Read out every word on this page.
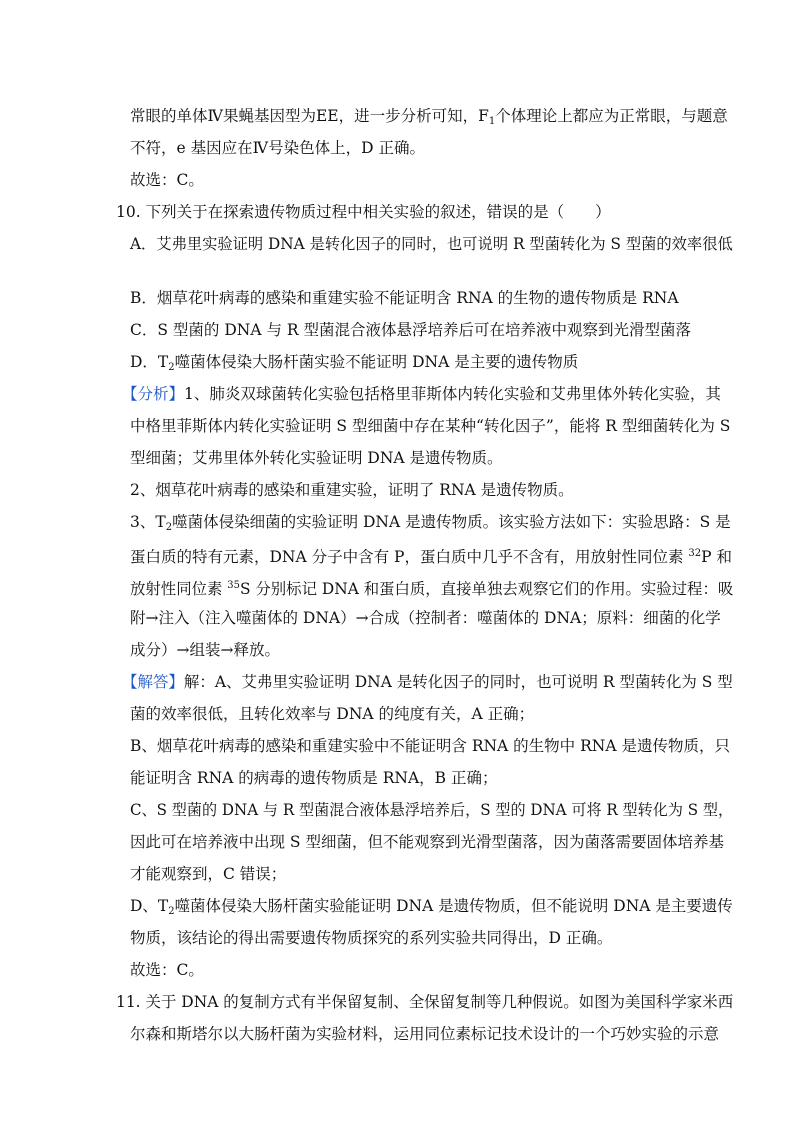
常眼的单体Ⅳ果蝇基因型为EE，进一步分析可知，$F_1$个体理论上都应为正常眼，与题意
不符，e 基因应在Ⅳ号染色体上，D 正确。
故选：C。
10. 下列关于在探索遗传物质过程中相关实验的叙述，错误的是（　　）
A．艾弗里实验证明 DNA 是转化因子的同时，也可说明 R 型菌转化为 S 型菌的效率很低
B．烟草花叶病毒的感染和重建实验不能证明含 RNA 的生物的遗传物质是 RNA
C．S 型菌的 DNA 与 R 型菌混合液体悬浮培养后可在培养液中观察到光滑型菌落
D．$T_2$噬菌体侵染大肠杆菌实验不能证明 DNA 是主要的遗传物质
【分析】1、肺炎双球菌转化实验包括格里菲斯体内转化实验和艾弗里体外转化实验，其
中格里菲斯体内转化实验证明 S 型细菌中存在某种“转化因子”，能将 R 型细菌转化为 S
型细菌；艾弗里体外转化实验证明 DNA 是遗传物质。
2、烟草花叶病毒的感染和重建实验，证明了 RNA 是遗传物质。
3、$T_2$噬菌体侵染细菌的实验证明 DNA 是遗传物质。该实验方法如下：实验思路：S 是
蛋白质的特有元素，DNA 分子中含有 P，蛋白质中几乎不含有，用放射性同位素 $^{32}$P 和
放射性同位素 $^{35}$S 分别标记 DNA 和蛋白质，直接单独去观察它们的作用。实验过程：吸
附→注入（注入噬菌体的 DNA）→合成（控制者：噬菌体的 DNA；原料：细菌的化学
成分）→组装→释放。
【解答】解：A、艾弗里实验证明 DNA 是转化因子的同时，也可说明 R 型菌转化为 S 型
菌的效率很低，且转化效率与 DNA 的纯度有关，A 正确；
B、烟草花叶病毒的感染和重建实验中不能证明含 RNA 的生物中 RNA 是遗传物质，只
能证明含 RNA 的病毒的遗传物质是 RNA，B 正确；
C、S 型菌的 DNA 与 R 型菌混合液体悬浮培养后，S 型的 DNA 可将 R 型转化为 S 型，
因此可在培养液中出现 S 型细菌，但不能观察到光滑型菌落，因为菌落需要固体培养基
才能观察到，C 错误；
D、$T_2$噬菌体侵染大肠杆菌实验能证明 DNA 是遗传物质，但不能说明 DNA 是主要遗传
物质，该结论的得出需要遗传物质探究的系列实验共同得出，D 正确。
故选：C。
11. 关于 DNA 的复制方式有半保留复制、全保留复制等几种假说。如图为美国科学家米西
尔森和斯塔尔以大肠杆菌为实验材料，运用同位素标记技术设计的一个巧妙实验的示意
